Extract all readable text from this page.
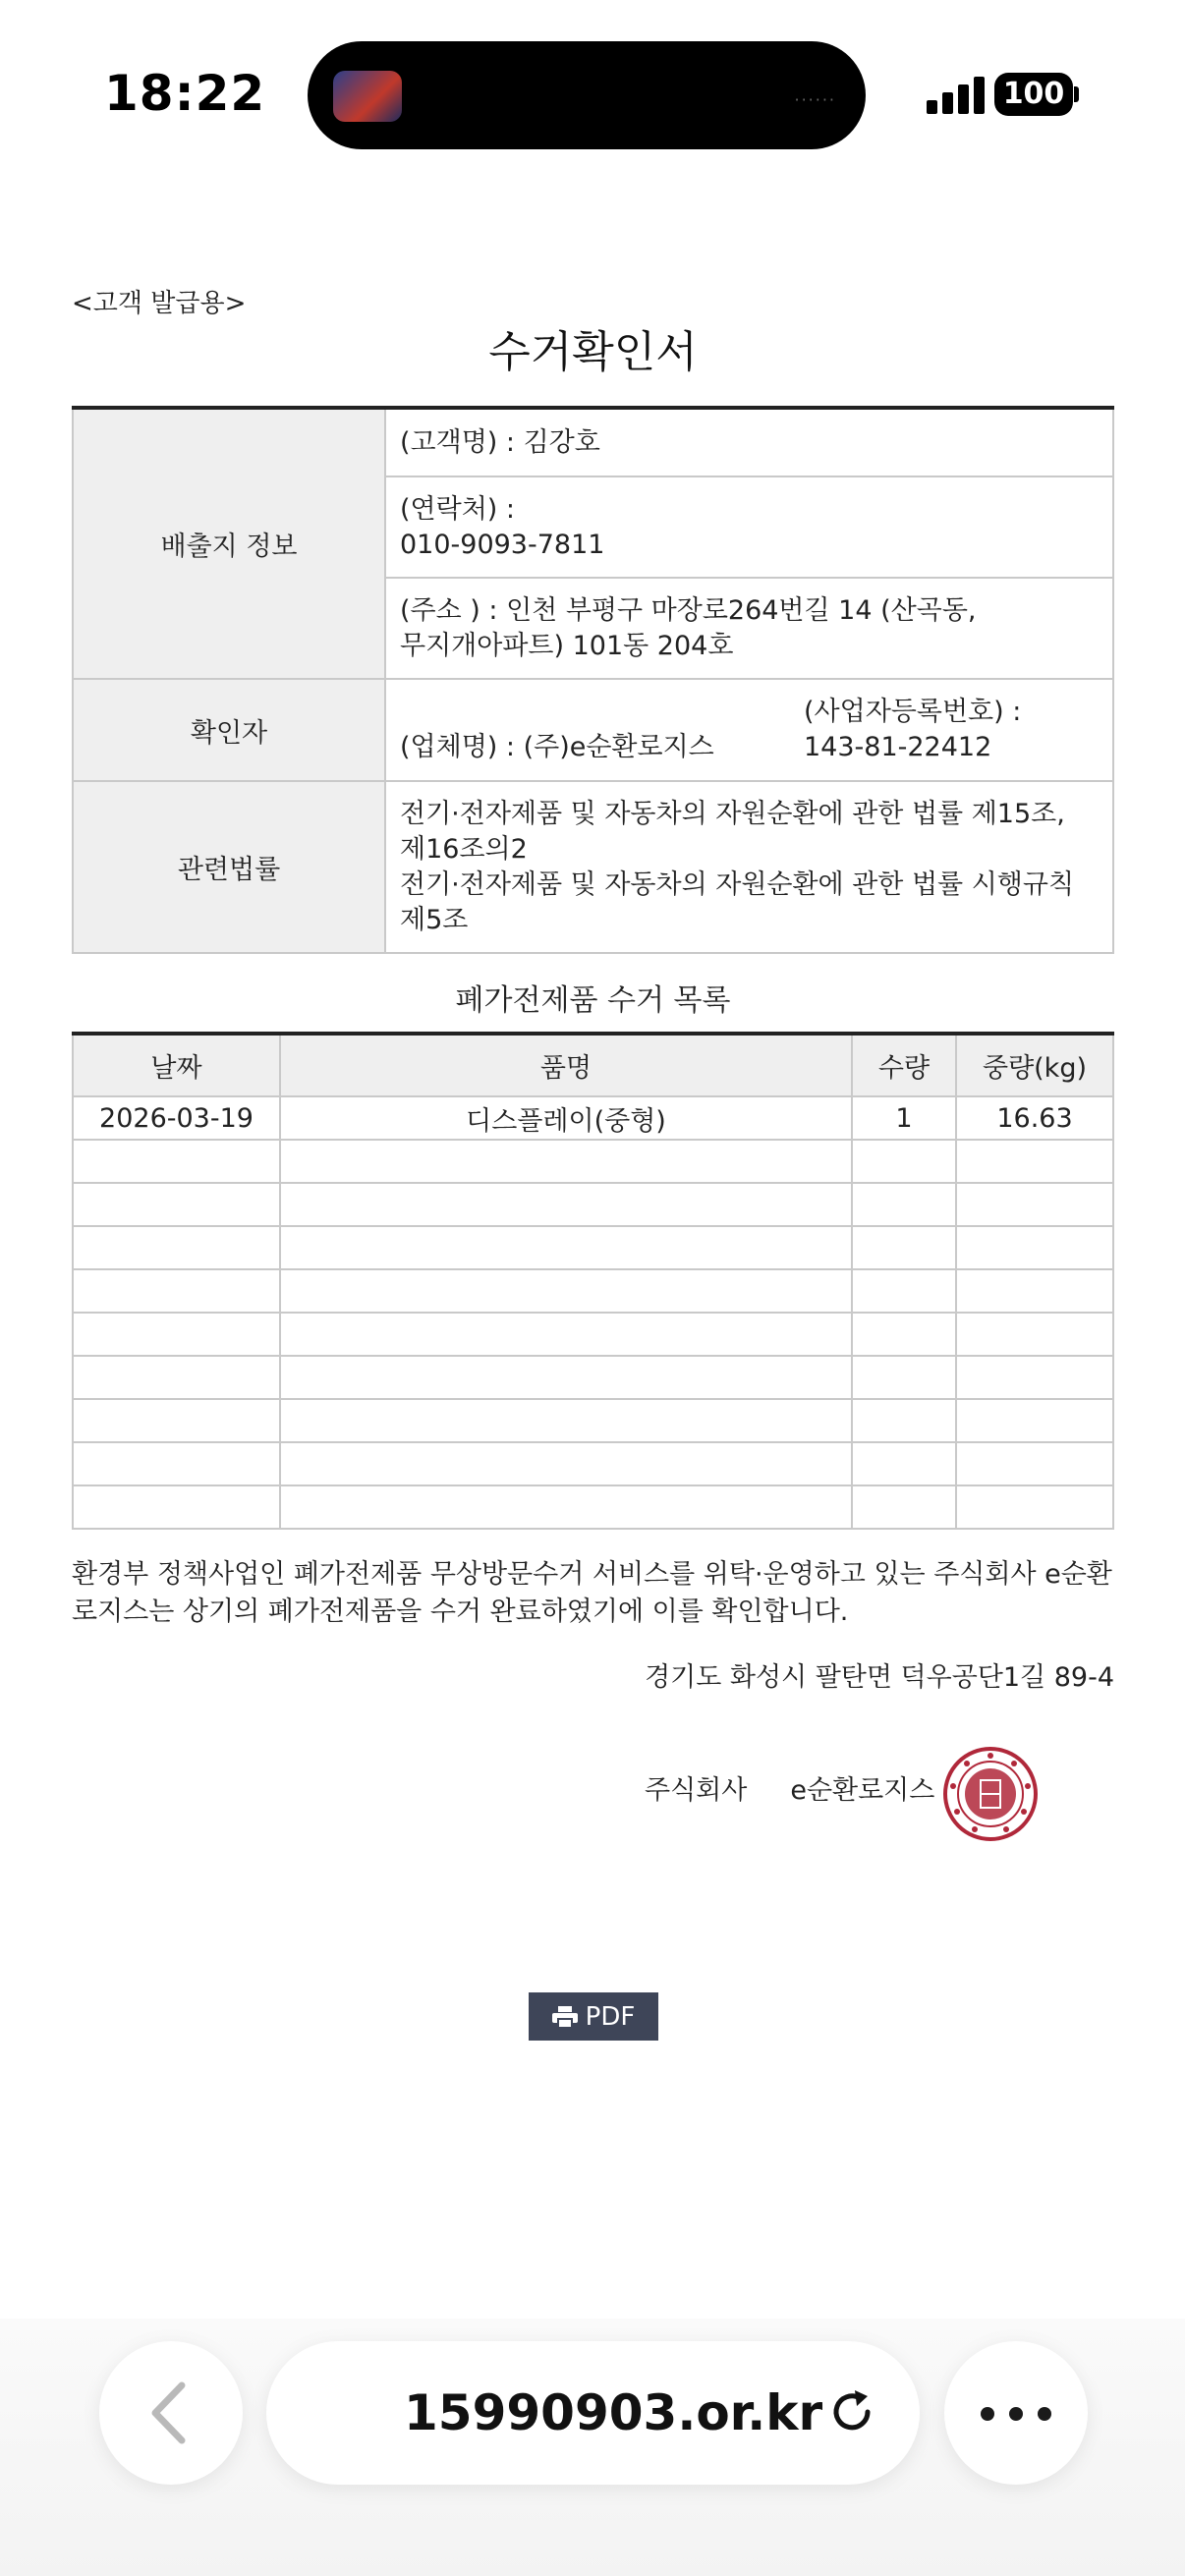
18:22	······	100
<고객 발급용>
수거확인서
배출지 정보	(고객명) : 김강호

	(연락처) :
010-9093-7811

	(주소 ) : 인천 부평구 마장로264번길 14 (산곡동,
무지개아파트) 101동 204호

확인자	(업체명) : (주)e순환로지스
(사업자등록번호) :
143-81-22412

관련법률	전기·전자제품 및 자동차의 자원순환에 관한 법률 제15조,
제16조의2
전기·전자제품 및 자동차의 자원순환에 관한 법률 시행규칙
제5조
폐가전제품 수거 목록
날짜	품명	수량	중량(kg)
2026-03-19	디스플레이(중형)	1	16.63

환경부 정책사업인 폐가전제품 무상방문수거 서비스를 위탁·운영하고 있는 주식회사 e순환
로지스는 상기의 폐가전제품을 수거 완료하였기에 이를 확인합니다.
경기도 화성시 팔탄면 덕우공단1길 89-4
주식회사 e순환로지스
PDF
15990903.or.kr
